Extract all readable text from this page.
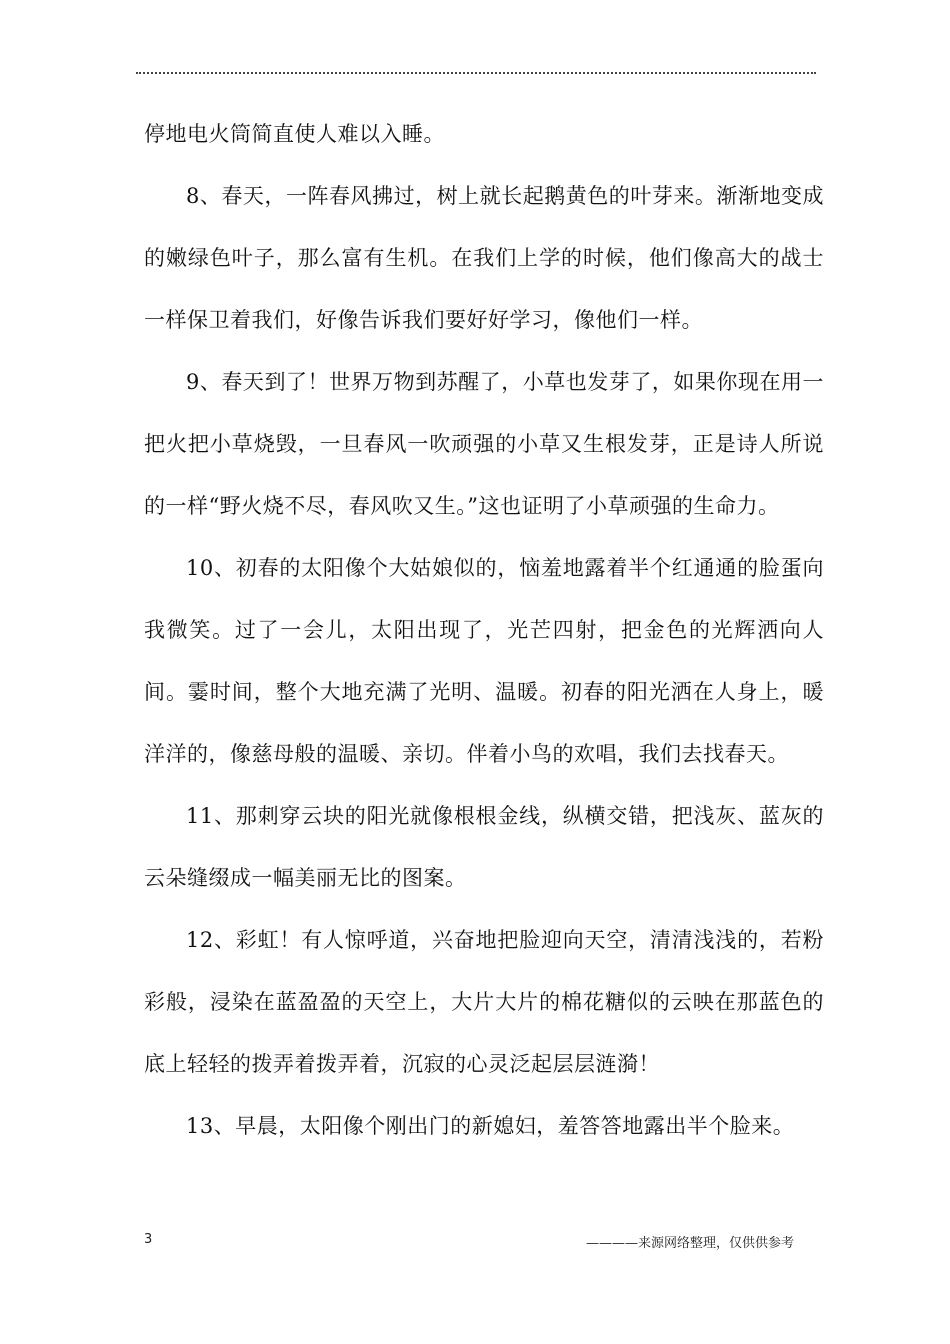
停地电火筒简直使人难以入睡。

8、春天，一阵春风拂过，树上就长起鹅黄色的叶芽来。渐渐地变成的嫩绿色叶子，那么富有生机。在我们上学的时候，他们像高大的战士一样保卫着我们，好像告诉我们要好好学习，像他们一样。

9、春天到了！世界万物到苏醒了，小草也发芽了，如果你现在用一把火把小草烧毁，一旦春风一吹顽强的小草又生根发芽，正是诗人所说的一样“野火烧不尽，春风吹又生。”这也证明了小草顽强的生命力。

10、初春的太阳像个大姑娘似的，恼羞地露着半个红通通的脸蛋向我微笑。过了一会儿，太阳出现了，光芒四射，把金色的光辉洒向人间。霎时间，整个大地充满了光明、温暖。初春的阳光洒在人身上，暖洋洋的，像慈母般的温暖、亲切。伴着小鸟的欢唱，我们去找春天。

11、那刺穿云块的阳光就像根根金线，纵横交错，把浅灰、蓝灰的云朵缝缀成一幅美丽无比的图案。

12、彩虹！有人惊呼道，兴奋地把脸迎向天空，清清浅浅的，若粉彩般，浸染在蓝盈盈的天空上，大片大片的棉花糖似的云映在那蓝色的底上轻轻的拨弄着拨弄着，沉寂的心灵泛起层层涟漪！

13、早晨，太阳像个刚出门的新媳妇，羞答答地露出半个脸来。

3	————来源网络整理，仅供供参考
